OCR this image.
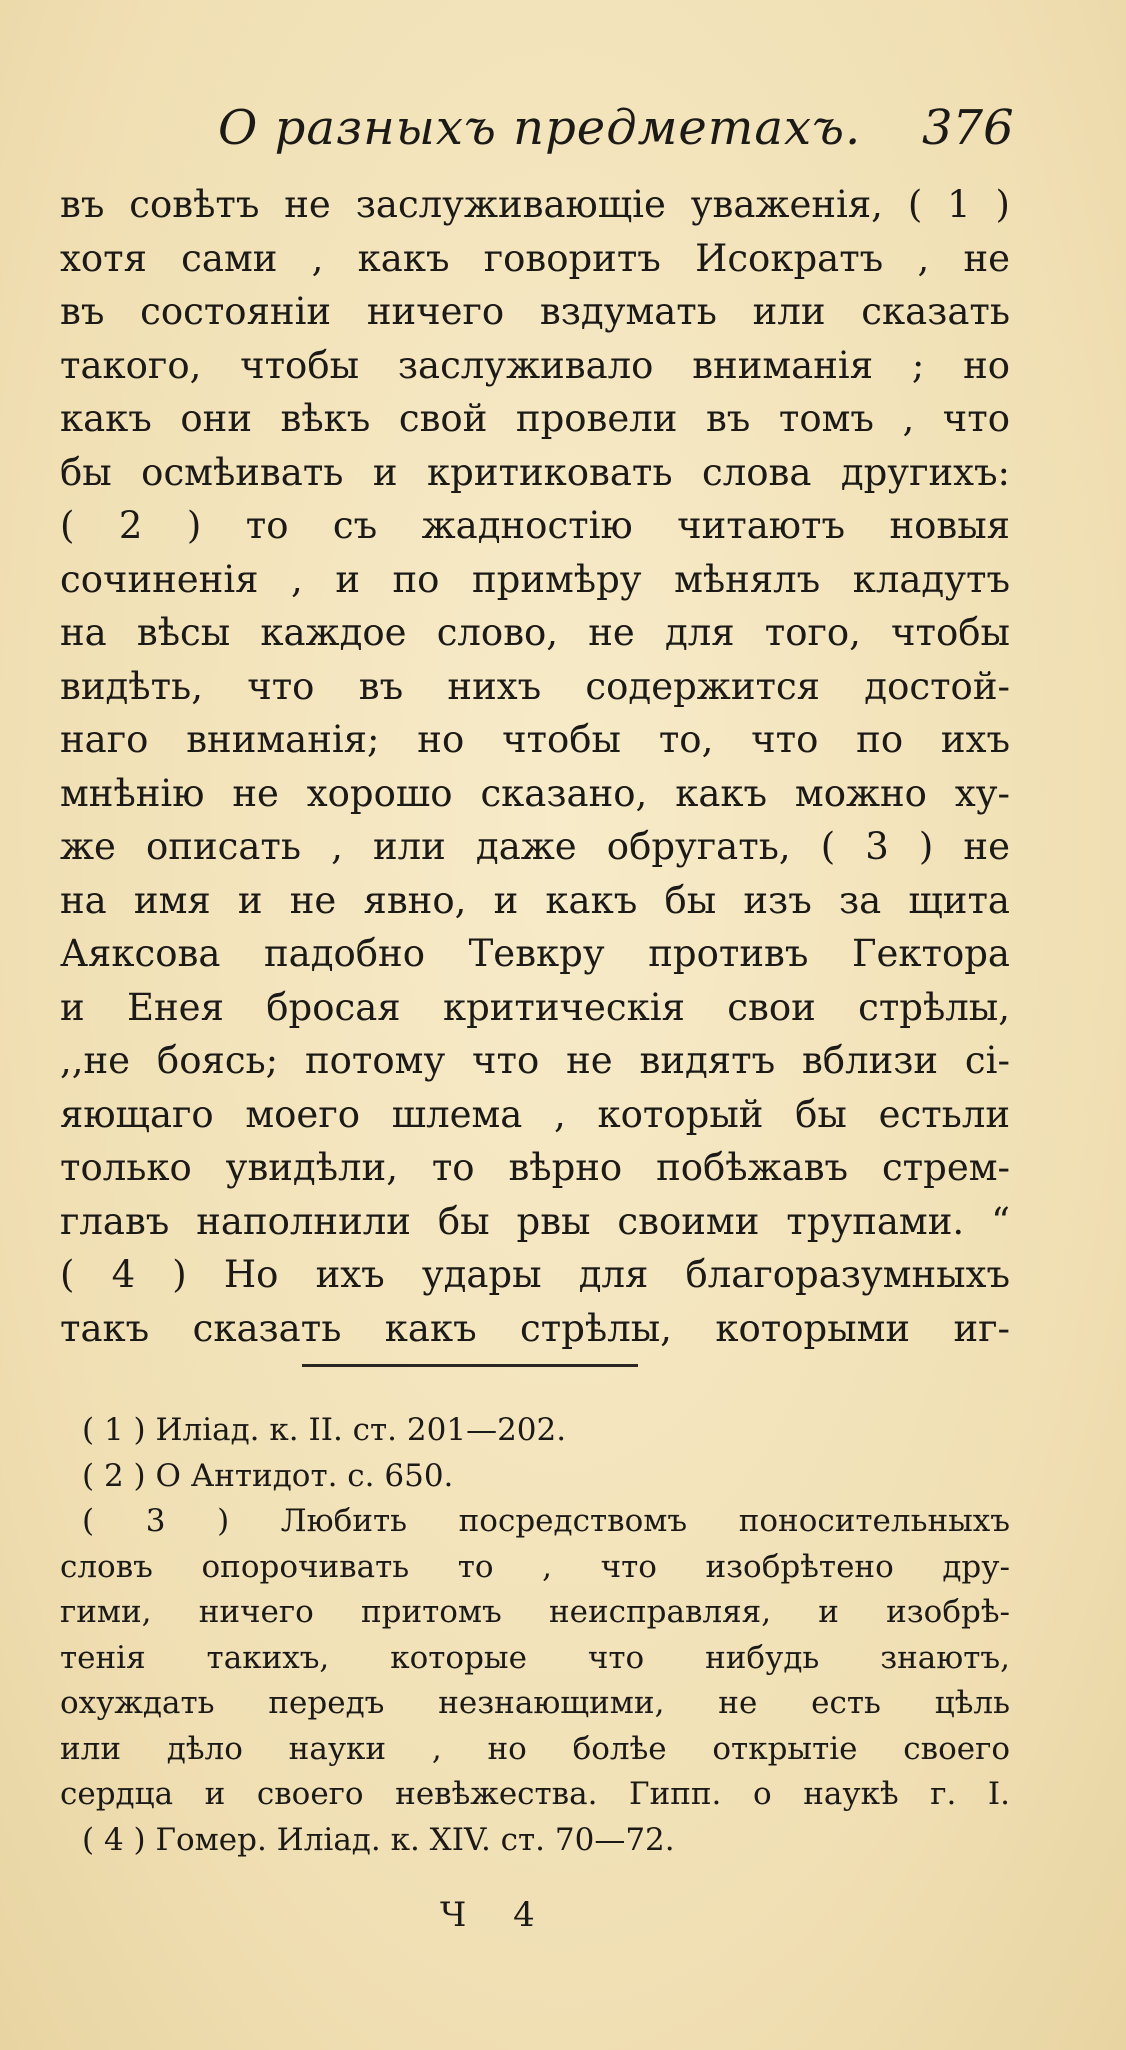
О разныхъ предметахъ. 376
въ совѣтъ не заслуживающіе уваженія, ( 1 )
хотя сами , какъ говоритъ Исократъ , не
въ состояніи ничего вздумать или сказать
такого, чтобы заслуживало вниманія ; но
какъ они вѣкъ свой провели въ томъ , что
бы осмѣивать и критиковать слова другихъ:
( 2 ) то съ жадностію читаютъ новыя
сочиненія , и по примѣру мѣнялъ кладутъ
на вѣсы каждое слово, не для того, чтобы
видѣть, что въ нихъ содержится достой-
наго вниманія; но чтобы то, что по ихъ
мнѣнію не хорошо сказано, какъ можно ху-
же описать , или даже обругать, ( 3 ) не
на имя и не явно, и какъ бы изъ за щита
Аяксова падобно Тевкру противъ Гектора
и Енея бросая критическія свои стрѣлы,
,,не боясь; потому что не видятъ вблизи сі-
яющаго моего шлема , который бы естьли
только увидѣли, то вѣрно побѣжавъ стрем-
главъ наполнили бы рвы своими трупами. “
( 4 ) Но ихъ удары для благоразумныхъ
такъ сказать какъ стрѣлы, которыми иг-
( 1 ) Иліад. к. II. ст. 201—202.
( 2 ) О Антидот. с. 650.
( 3 ) Любить посредствомъ поносительныхъ
словъ опорочивать то , что изобрѣтено дру-
гими, ничего притомъ неисправляя, и изобрѣ-
тенія такихъ, которые что нибудь знаютъ,
охуждать передъ незнающими, не есть цѣль
или дѣло науки , но болѣе открытіе своего
сердца и своего невѣжества. Гипп. о наукѣ г. I.
( 4 ) Гомер. Иліад. к. XIV. ст. 70—72.
Ч 4
